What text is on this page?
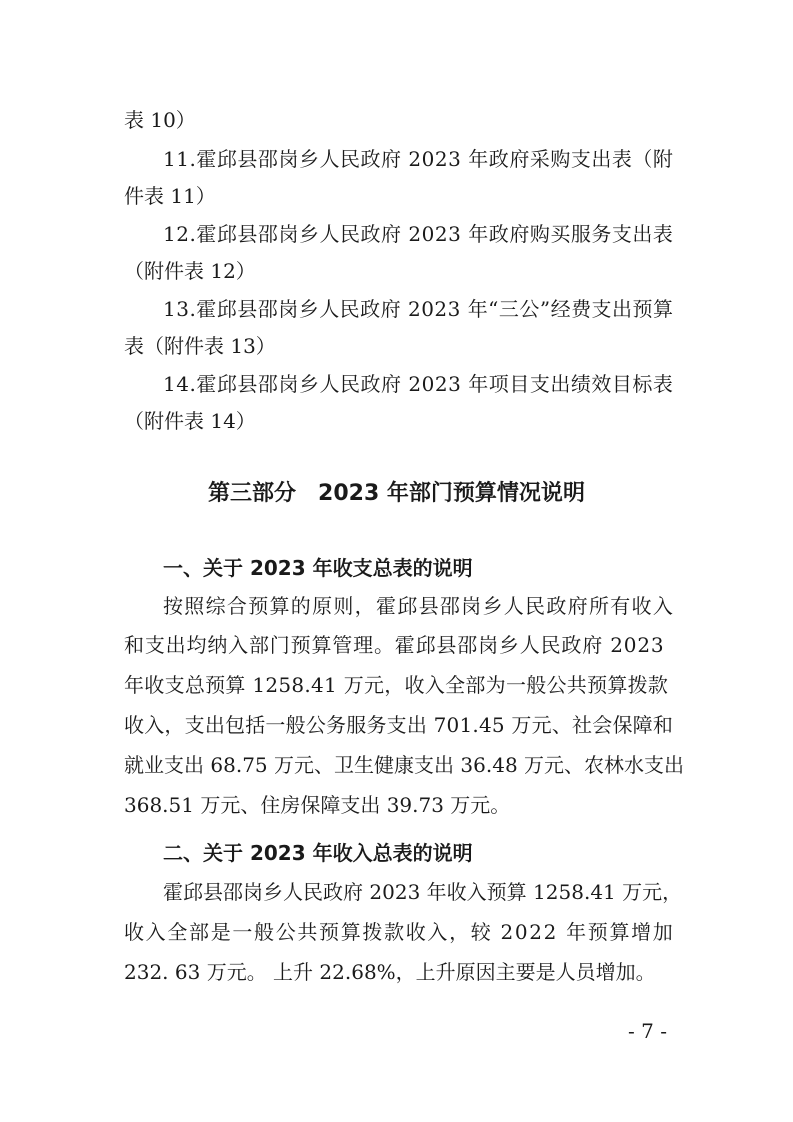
表 10）
1 1 . 霍 邱 县 邵 岗 乡 人 民 政 府
2 0 2 3
年 政 府 采 购 支 出 表 （ 附
件表 11）
1 2 . 霍 邱 县 邵 岗 乡 人 民 政 府
2 0 2 3
年 政 府 购 买 服 务 支 出 表
（附件表 12）
1 3 . 霍 邱 县 邵 岗 乡 人 民 政 府
2 0 2 3
年 “ 三 公 ” 经 费 支 出 预 算
表（附件表 13）
1 4 . 霍 邱 县 邵 岗 乡 人 民 政 府
2 0 2 3
年 项 目 支 出 绩 效 目 标 表
（附件表 14）
第三部分　2023 年部门预算情况说明
一、关于 2023 年收支总表的说明
按 照 综 合 预 算 的 原 则 ， 霍 邱 县 邵 岗 乡 人 民 政 府 所 有 收 入
和 支 出 均 纳 入 部 门 预 算 管 理 。 霍 邱 县 邵 岗 乡 人 民 政 府
2 0 2 3
年 收 支 总 预 算
1 2 5 8 . 4 1
万 元 ， 收 入 全 部 为 一 般 公 共 预 算 拨 款
收 入 ， 支 出 包 括 一 般 公 务 服 务 支 出
7 0 1 . 4 5
万 元 、 社 会 保 障 和
就 业 支 出
6 8 . 7 5
万 元 、 卫 生 健 康 支 出
3 6 . 4 8
万 元 、 农 林 水 支 出
368.51 万元、住房保障支出 39.73 万元。
二、关于 2023 年收入总表的说明
霍 邱 县 邵 岗 乡 人 民 政 府
2 0 2 3
年 收 入 预 算
1 2 5 8 . 4 1
万 元 ，
收 入 全 部 是 一 般 公 共 预 算 拨 款 收 入 ， 较
2 0 2 2
年 预 算 增 加
232. 63 万元。 上升 22.68%，上升原因主要是人员增加。
- 7 -
